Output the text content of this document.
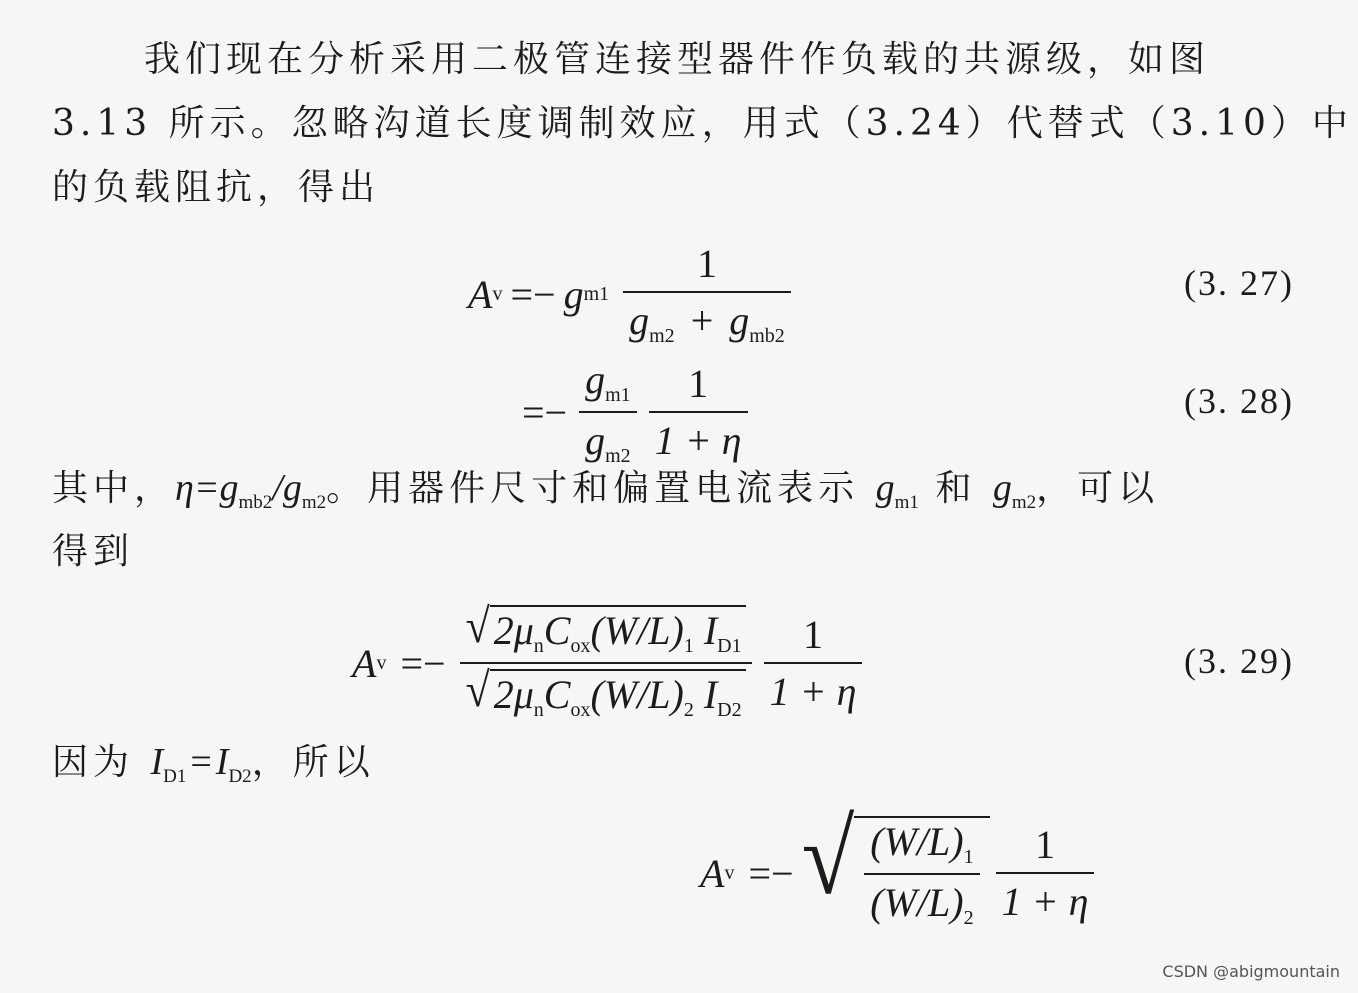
我们现在分析采用二极管连接型器件作负载的共源级，如图
3.13 所示。忽略沟道长度调制效应，用式（3.24）代替式（3.10）中
的负载阻抗，得出
A v =− g $m1 \frac{1}{g_{m2} + g_{mb2}}$	(3. 27)
=− $\frac{g_{m1}}{g_{m2}} \frac{1}{1 + \eta}$	(3. 28)
其中，$\eta=g_{mb2}/g_{m2}$。用器件尺寸和偏置电流表示 $g_{m1}$ 和 $g_{m2}$，可以
得到
A $v =- \frac{√ 2\mu_nC_{ox}(W/L)_1 I_{D1}}{√ 2\mu_nC_{ox}(W/L)_2 I_{D2}} \frac{1}{1 + \eta}$	(3. 29)
因为 $I_{D1} = I_{D2}$，所以
A v =− √ $\frac{(W/L)_1}{(W/L)_2} \frac{1}{1 + \eta}$
CSDN @abigmountain
